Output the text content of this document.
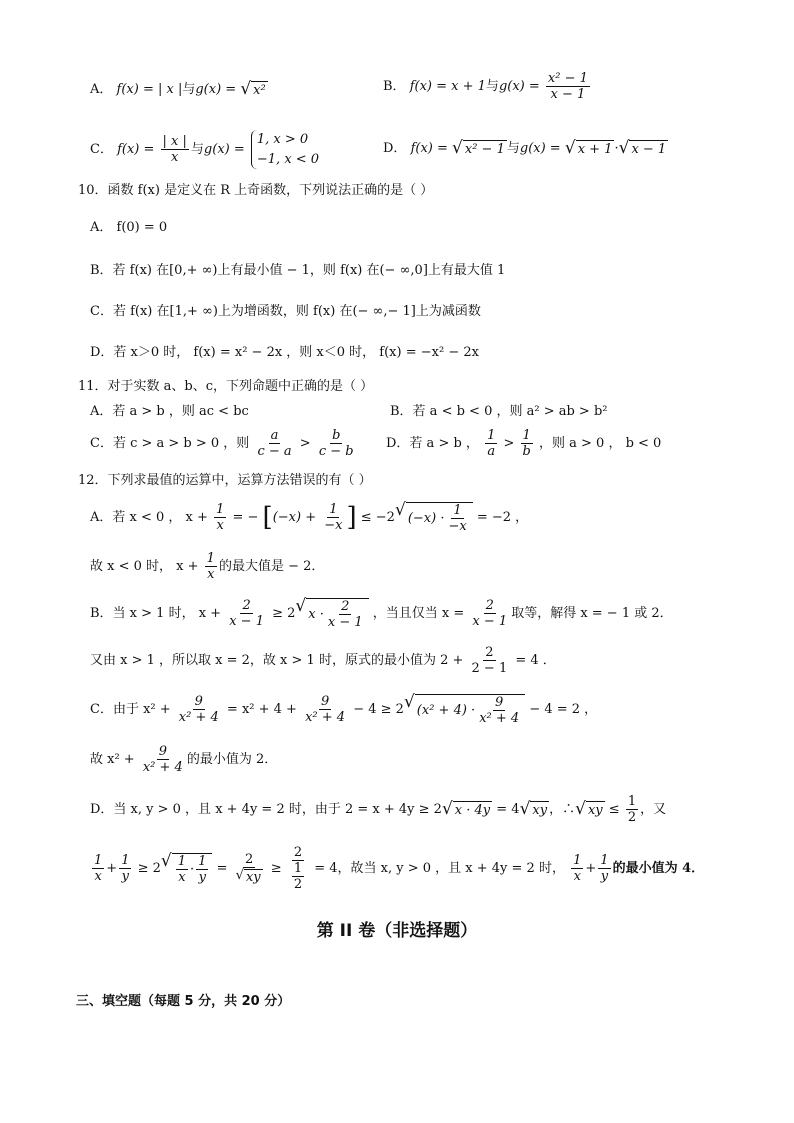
A． f(x) = | x |与g(x) = √ x²	B． f(x) = x + 1与$g(x) = \frac{\text{x² − 1}}{x - 1}$
C． $f(x) = \frac{| x |}{x}$ 与g(x) =
1, x > 0
−1, x < 0
D． f(x) = √ x² − 1 与g(x) = √ x + 1 · √ x − 1
10．函数 f(x) 是定义在 R 上奇函数，下列说法正确的是（ ）
A． f(0) = 0
B．若 f(x) 在[0,+ ∞)上有最小值 − 1，则 f(x) 在(− ∞,0]上有最大值 1
C．若 f(x) 在[1,+ ∞)上为增函数，则 f(x) 在(− ∞,− 1]上为减函数
D．若 x＞0 时， f(x) = x² − 2x ，则 x＜0 时， f(x) = −x² − 2x
11．对于实数 a、b、c，下列命题中正确的是（ ）
A．若 a > b ，则 ac < bc	B．若 a < b < 0 ，则 a² > ab > b²
C．若 c > a > b > 0 ，则 $\frac{a}{c - a} > \frac{b}{c - b}$ D．若 a > b ， $\frac{1}{a} > \frac{1}{b}$ ，则 a > 0 ， b < 0
12．下列求最值的运算中，运算方法错误的有（ ）
A．若 x < 0 ， $x + \frac{1}{x}$ = − [$(-x) + \frac{1}{-x}$ ] ≤ −2 √ $(-x) \cdot \frac{1}{-x} = -2$ ，
故 x < 0 时， $x + \frac{1}{x}$ 的最大值是 − 2．
B．当 x > 1 时， $x + \frac{2}{x - 1} \ge 2$ √ $x \cdot \frac{2}{x - 1}$ ，当且仅当 $x = \frac{2}{x - 1}$ 取等，解得 x = − 1 或 2．
又由 x > 1 ，所以取 x = 2，故 x > 1 时，原式的最小值为 $2 + \frac{2}{2 - 1} = 4$ ．
C．由于 $x^2 + \frac{9}{\text{x² + 4}} = x^2 + 4 + \frac{9}{\text{x² + 4}} - 4 \ge 2$ √ $(x^2 + 4) \cdot \frac{9}{\text{x² + 4}} - 4 = 2$ ，
故 $x^2 + \frac{9}{\text{x² + 4}}$ 的最小值为 2．
D．当 x, y > 0 ，且 x + 4y = 2 时，由于 2 = x + 4y ≥ 2 √ x · 4y = 4 √ xy ，∴ √ xy ≤ $\frac{1}{2}$ ，又
$\frac{1}{x} + \frac{1}{y} \ge 2$ √ $\frac{1}{x} \cdot \frac{1}{y} = \frac{2}{√ xy} \ge \frac{2}{\frac{1}{2}} = 4$，故当 x, y > 0 ，且 x + 4y = 2 时， $\frac{1}{x} + \frac{1}{y}$ 的最小值为 4．
第 II 卷（非选择题）
三、填空题（每题 5 分，共 20 分）
